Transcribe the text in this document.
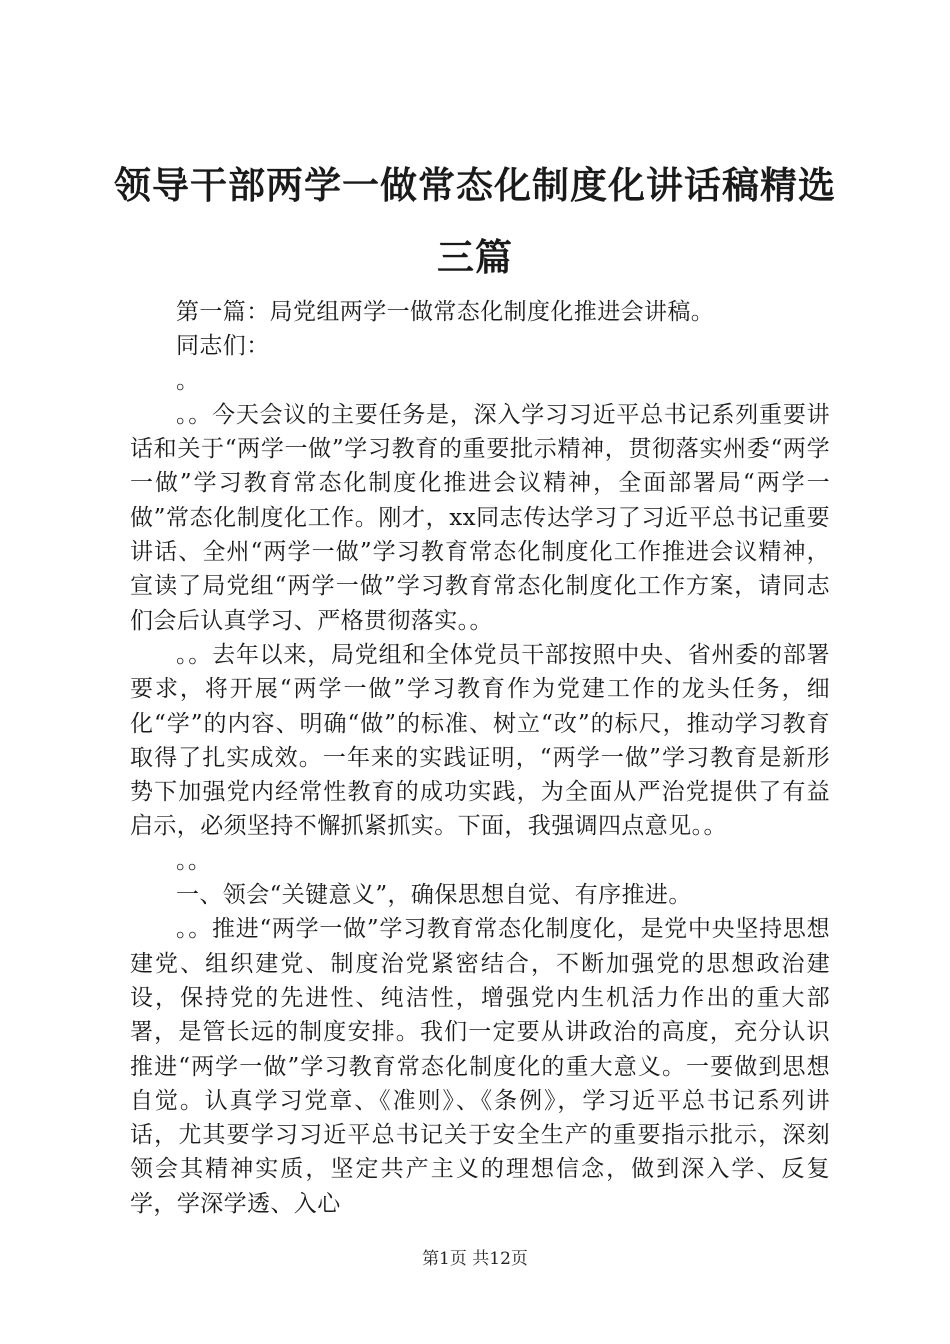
领导干部两学一做常态化制度化讲话稿精选三篇

第一篇：局党组两学一做常态化制度化推进会讲稿。

同志们：

。

。。今天会议的主要任务是，深入学习习近平总书记系列重要讲话和关于“两学一做”学习教育的重要批示精神，贯彻落实州委“两学一做”学习教育常态化制度化推进会议精神，全面部署局“两学一做”常态化制度化工作。刚才，xx同志传达学习了习近平总书记重要讲话、全州“两学一做”学习教育常态化制度化工作推进会议精神，宣读了局党组“两学一做”学习教育常态化制度化工作方案，请同志们会后认真学习、严格贯彻落实。。

。。去年以来，局党组和全体党员干部按照中央、省州委的部署要求，将开展“两学一做”学习教育作为党建工作的龙头任务，细化“学”的内容、明确“做”的标准、树立“改”的标尺，推动学习教育取得了扎实成效。一年来的实践证明，“两学一做”学习教育是新形势下加强党内经常性教育的成功实践，为全面从严治党提供了有益启示，必须坚持不懈抓紧抓实。下面，我强调四点意见。。

。。

一、领会“关键意义”，确保思想自觉、有序推进。

。。推进“两学一做”学习教育常态化制度化，是党中央坚持思想建党、组织建党、制度治党紧密结合，不断加强党的思想政治建设，保持党的先进性、纯洁性，增强党内生机活力作出的重大部署，是管长远的制度安排。我们一定要从讲政治的高度，充分认识推进“两学一做”学习教育常态化制度化的重大意义。一要做到思想自觉。认真学习党章、《准则》、《条例》，学习近平总书记系列讲话，尤其要学习习近平总书记关于安全生产的重要指示批示，深刻领会其精神实质，坚定共产主义的理想信念，做到深入学、反复学，学深学透、入心

第1页 共12页
